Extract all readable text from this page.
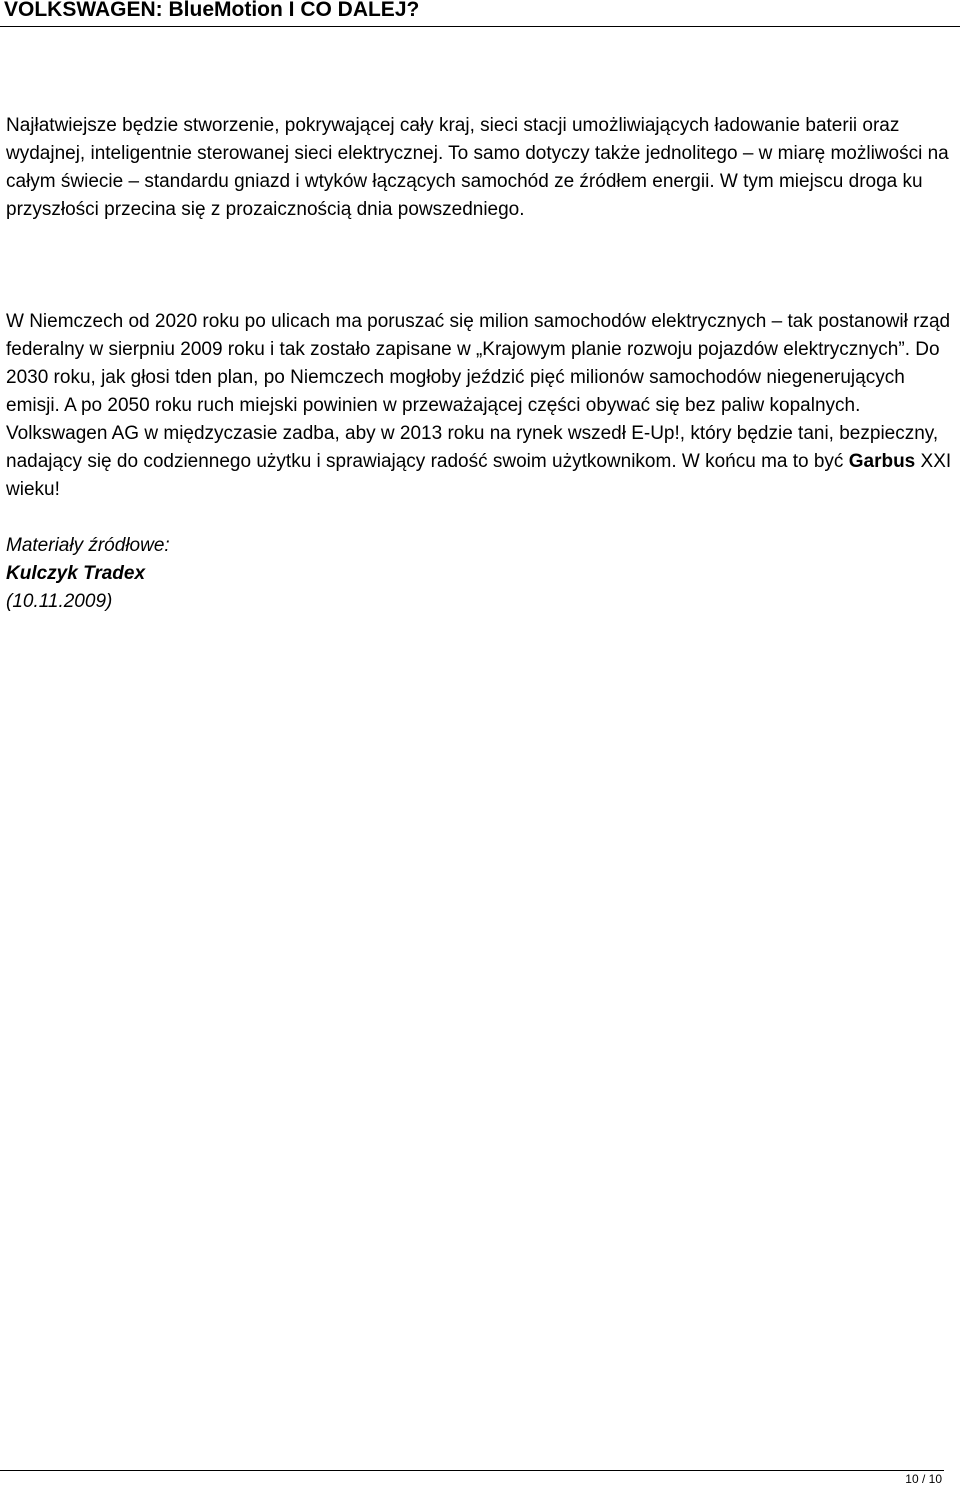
VOLKSWAGEN: BlueMotion I CO DALEJ?

Najłatwiejsze będzie stworzenie, pokrywającej cały kraj, sieci stacji umożliwiających ładowanie baterii oraz wydajnej, inteligentnie sterowanej sieci elektrycznej. To samo dotyczy także jednolitego – w miarę możliwości na całym świecie – standardu gniazd i wtyków łączących samochód ze źródłem energii. W tym miejscu droga ku przyszłości przecina się z prozaicznością dnia powszedniego.

W Niemczech od 2020 roku po ulicach ma poruszać się milion samochodów elektrycznych – tak postanowił rząd federalny w sierpniu 2009 roku i tak zostało zapisane w „Krajowym planie rozwoju pojazdów elektrycznych”. Do 2030 roku, jak głosi tden plan, po Niemczech mogłoby jeździć pięć milionów samochodów niegenerujących emisji. A po 2050 roku ruch miejski powinien w przeważającej części obywać się bez paliw kopalnych. Volkswagen AG w międzyczasie zadba, aby w 2013 roku na rynek wszedł E-Up!, który będzie tani, bezpieczny, nadający się do codziennego użytku i sprawiający radość swoim użytkownikom. W końcu ma to być Garbus XXI wieku!

Materiały źródłowe:
Kulczyk Tradex
(10.11.2009)
10 / 10
